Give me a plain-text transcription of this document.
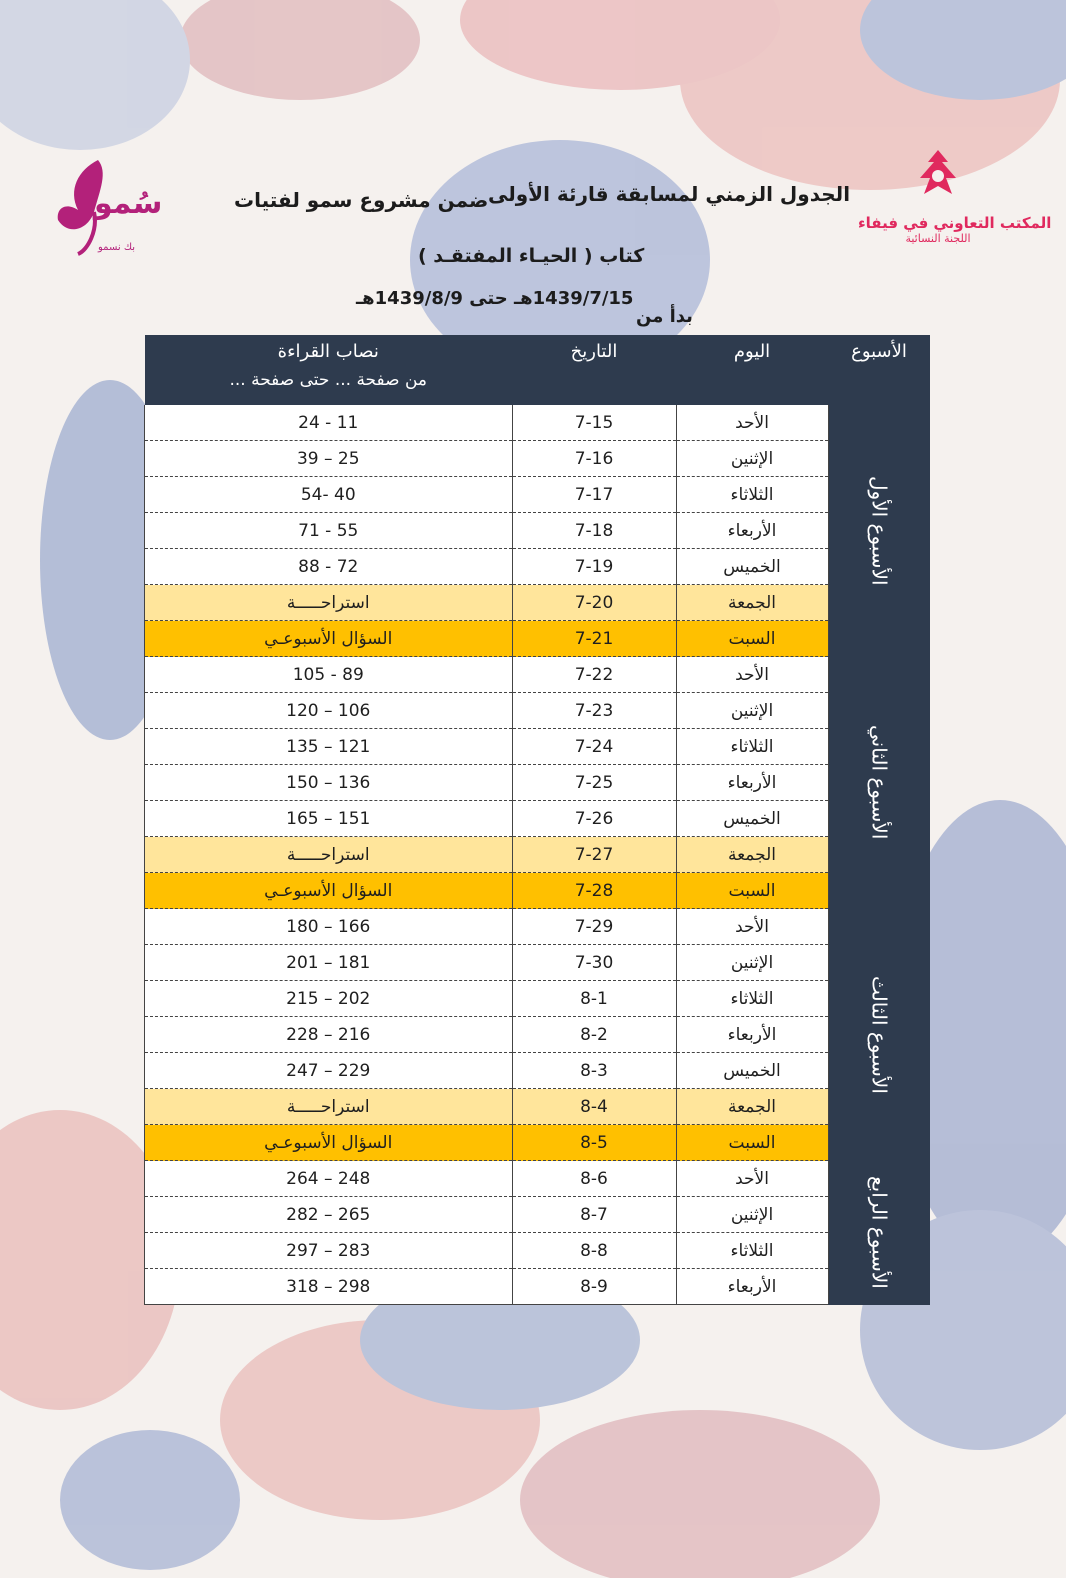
المكتب التعاوني في فيفاء
اللجنة النسائية
سُمو
بك نسمو
الجدول الزمني لمسابقة قارئة الأولى
ضمن مشروع سمو لفتيات
كتاب ( الحيـاء المفتقـد )
1439/7/15هـ حتى 1439/8/9هـ
بدأ من
الأسبوع	اليوم	التاريخ	نصاب القراءة
من صفحة ... حتى صفحة ...

الأسبوع الأول	الأحد	7-15	11 - 24
	الإثنين	7-16	25 – 39
	الثلاثاء	7-17	40 -54
	الأربعاء	7-18	55 - 71
	الخميس	7-19	72 - 88
	الجمعة	7-20	استراحـــــة
	السبت	7-21	السؤال الأسبوعـي

الأسبوع الثاني	الأحد	7-22	89 - 105
	الإثنين	7-23	106 – 120
	الثلاثاء	7-24	121 – 135
	الأربعاء	7-25	136 – 150
	الخميس	7-26	151 – 165
	الجمعة	7-27	استراحـــــة
	السبت	7-28	السؤال الأسبوعـي

الأسبوع الثالث	الأحد	7-29	166 – 180
	الإثنين	7-30	181 – 201
	الثلاثاء	8-1	202 – 215
	الأربعاء	8-2	216 – 228
	الخميس	8-3	229 – 247
	الجمعة	8-4	استراحـــــة
	السبت	8-5	السؤال الأسبوعـي

الأسبوع الرابع	الأحد	8-6	248 – 264
	الإثنين	8-7	265 – 282
	الثلاثاء	8-8	283 – 297
	الأربعاء	8-9	298 – 318
